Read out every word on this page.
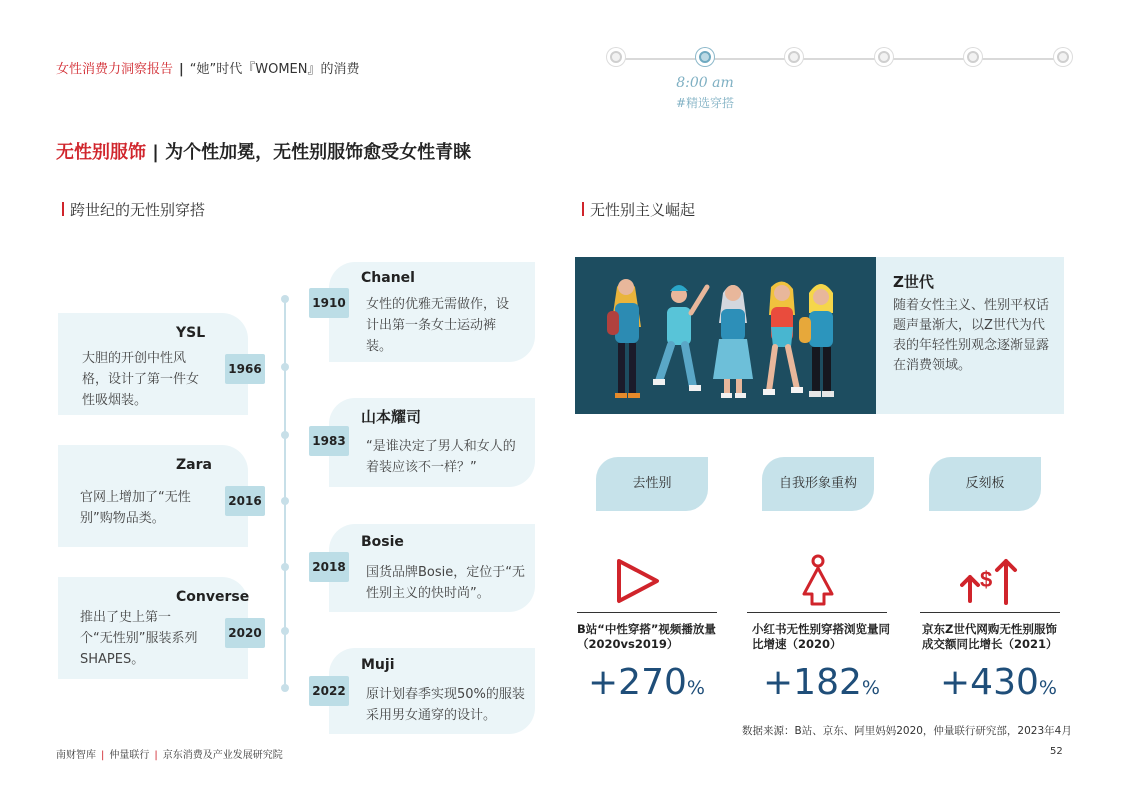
女性消费力洞察报告 | “她”时代『WOMEN』的消费
8:00 am
#精选穿搭
无性别服饰 | 为个性加冕，无性别服饰愈受女性青睐
跨世纪的无性别穿搭	无性别主义崛起
Chanel
女性的优雅无需做作，设计出第一条女士运动裤装。
1910
YSL
大胆的开创中性风格，设计了第一件女性吸烟装。
1966
山本耀司
“是谁决定了男人和女人的着装应该不一样？”
1983
Zara
官网上增加了“无性别”购物品类。
2016
Bosie
国货品牌Bosie，定位于“无性别主义的快时尚”。
2018
Converse
推出了史上第一个“无性别”服装系列SHAPES。
2020
Muji
原计划春季实现50%的服装采用男女通穿的设计。
2022
Z世代
随着女性主义、性别平权话题声量渐大，以Z世代为代表的年轻性别观念逐渐显露在消费领域。
去性别	自我形象重构	反刻板
$
B站“中性穿搭”视频播放量（2020vs2019）
小红书无性别穿搭浏览量同比增速（2020）
京东Z世代网购无性别服饰成交额同比增长（2021）
+270% +182% +430%
数据来源：B站、京东、阿里妈妈2020，仲量联行研究部，2023年4月
南财智库 | 仲量联行 | 京东消费及产业发展研究院	52
